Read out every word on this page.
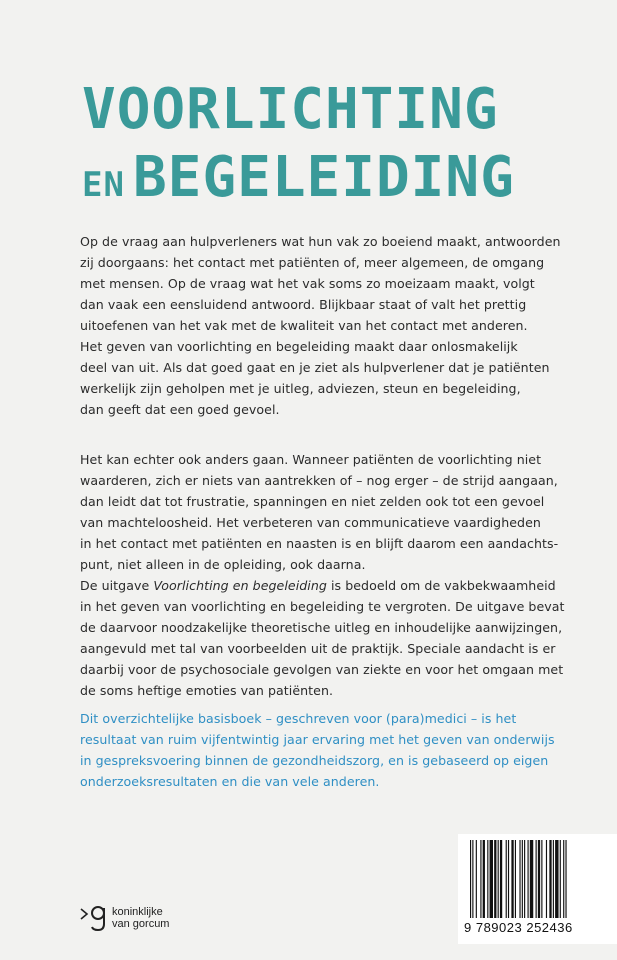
VOORLICHTING
EN BEGELEIDING

Op de vraag aan hulpverleners wat hun vak zo boeiend maakt, antwoorden

zij doorgaans: het contact met patiënten of, meer algemeen, de omgang

met mensen. Op de vraag wat het vak soms zo moeizaam maakt, volgt

dan vaak een eensluidend antwoord. Blijkbaar staat of valt het prettig

uitoefenen van het vak met de kwaliteit van het contact met anderen.

Het geven van voorlichting en begeleiding maakt daar onlosmakelijk

deel van uit. Als dat goed gaat en je ziet als hulpverlener dat je patiënten

werkelijk zijn geholpen met je uitleg, adviezen, steun en begeleiding,

dan geeft dat een goed gevoel.

Het kan echter ook anders gaan. Wanneer patiënten de voorlichting niet

waarderen, zich er niets van aantrekken of – nog erger – de strijd aangaan,

dan leidt dat tot frustratie, spanningen en niet zelden ook tot een gevoel

van machteloosheid. Het verbeteren van communicatieve vaardigheden

in het contact met patiënten en naasten is en blijft daarom een aandachts-

punt, niet alleen in de opleiding, ook daarna.

De uitgave Voorlichting en begeleiding is bedoeld om de vakbekwaamheid

in het geven van voorlichting en begeleiding te vergroten. De uitgave bevat

de daarvoor noodzakelijke theoretische uitleg en inhoudelijke aanwijzingen,

aangevuld met tal van voorbeelden uit de praktijk. Speciale aandacht is er

daarbij voor de psychosociale gevolgen van ziekte en voor het omgaan met

de soms heftige emoties van patiënten.

Dit overzichtelijke basisboek – geschreven voor (para)medici – is het

resultaat van ruim vijfentwintig jaar ervaring met het geven van onderwijs

in gespreksvoering binnen de gezondheidszorg, en is gebaseerd op eigen

onderzoeksresultaten en die van vele anderen.

koninklijke
van gorcum	9 789023 252436
